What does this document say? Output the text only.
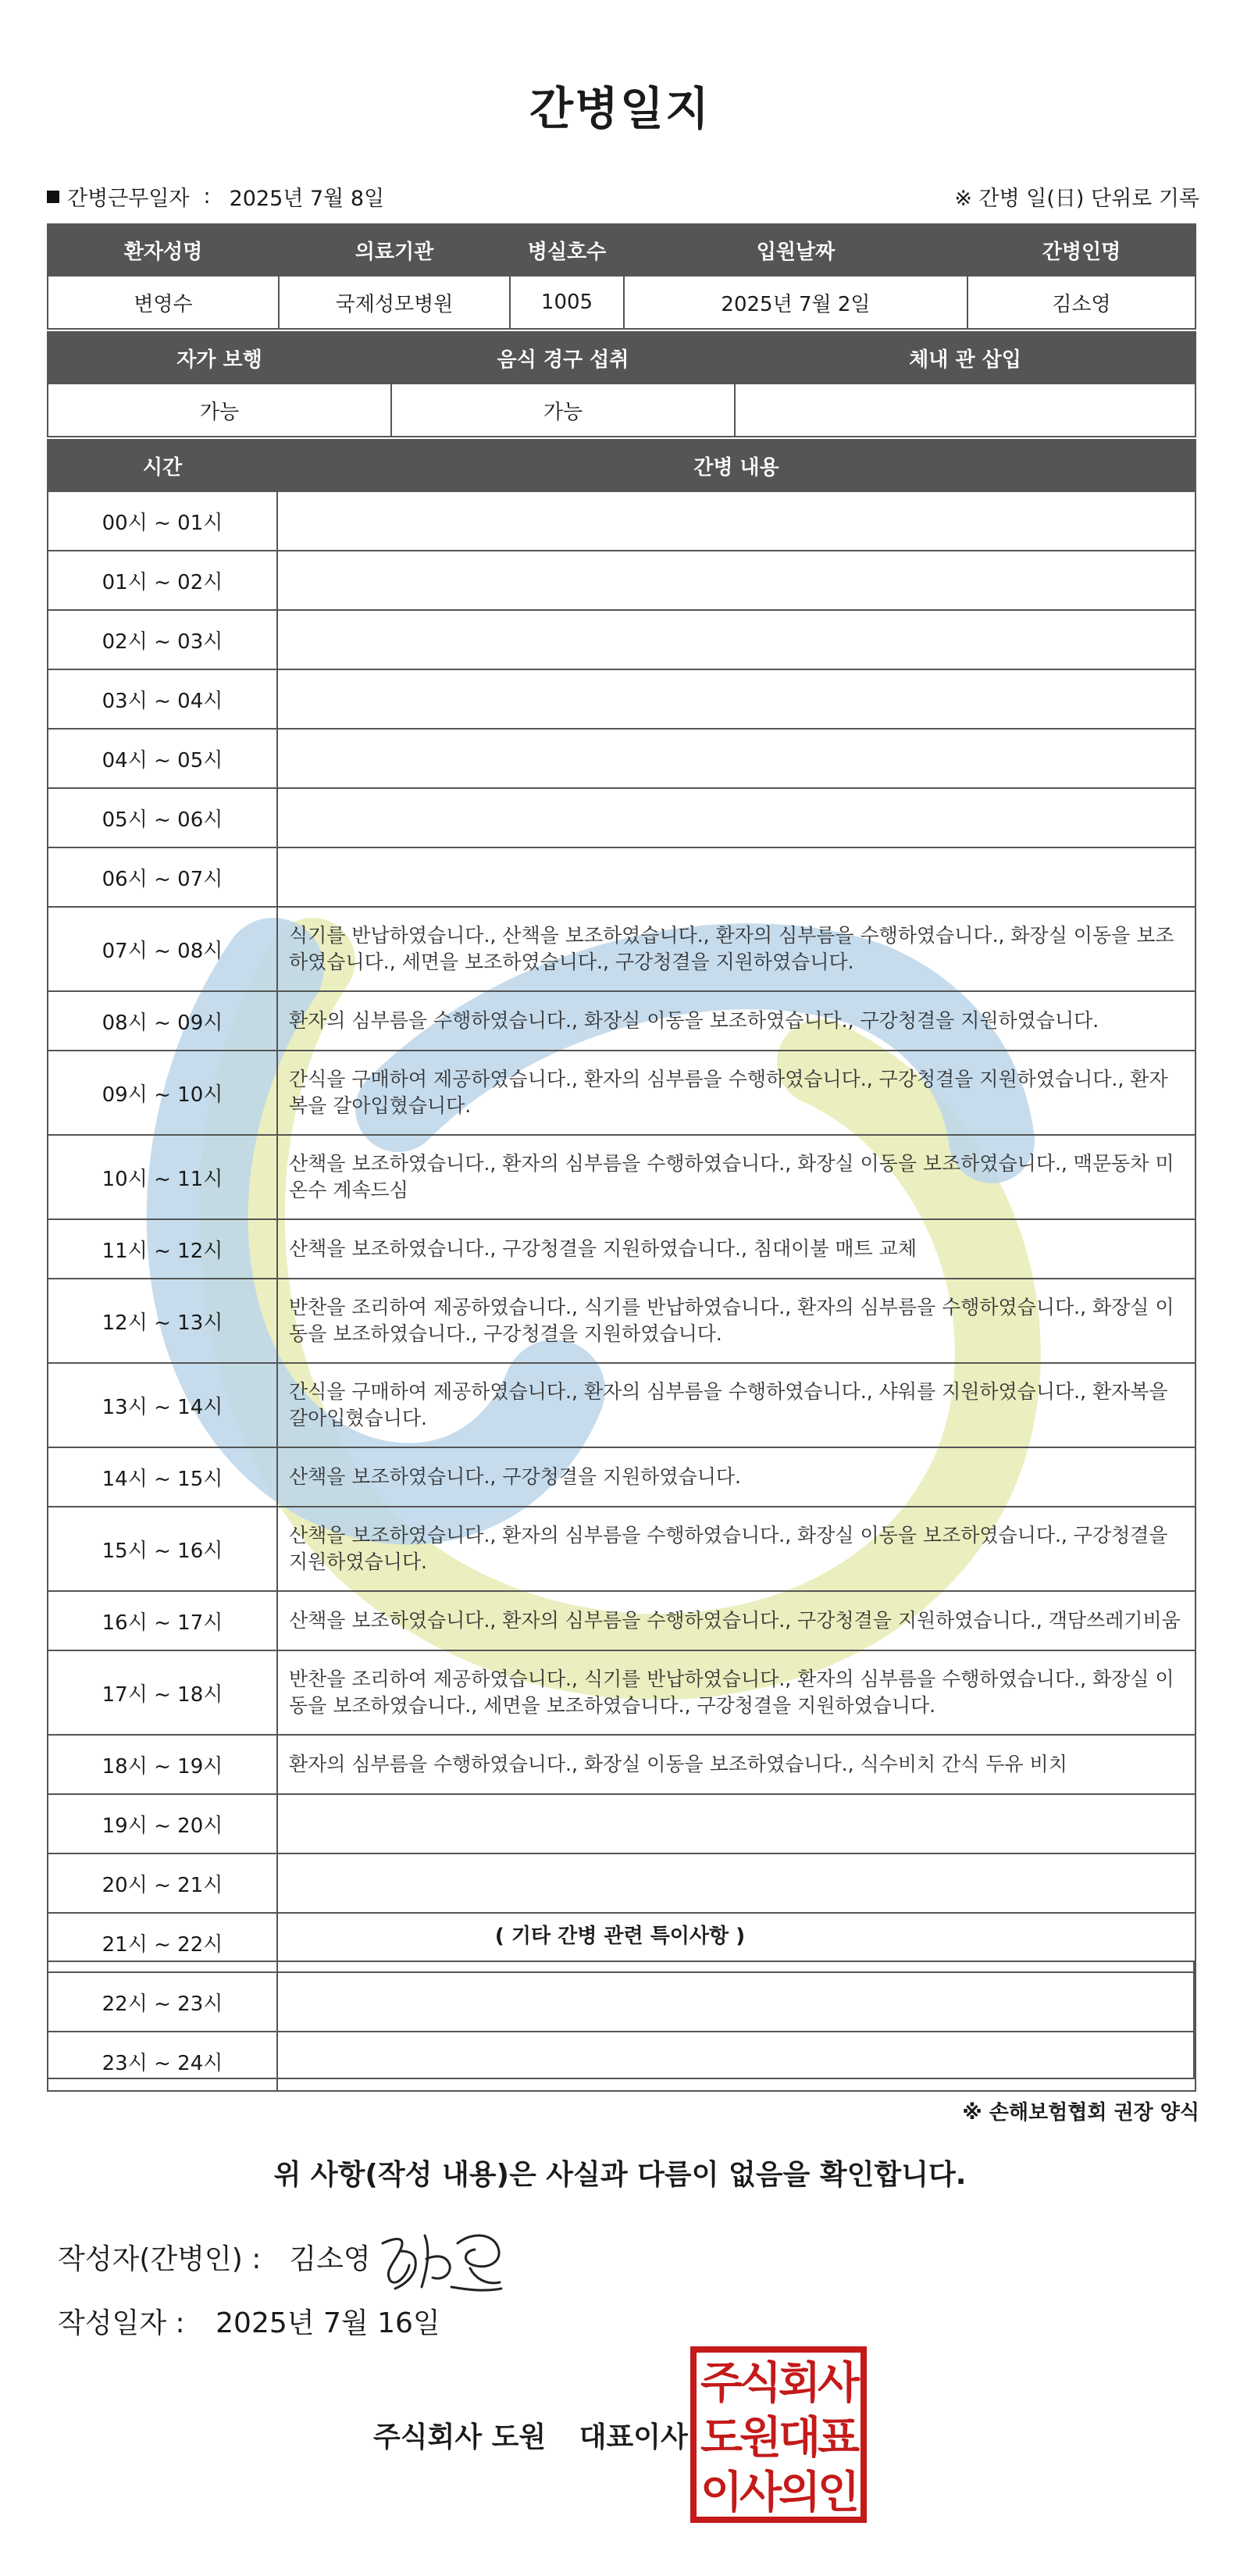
간병일지
간병근무일자 : 2025년 7월 8일	※ 간병 일(日) 단위로 기록
환자성명	의료기관	병실호수	입원날짜	간병인명
변영수	국제성모병원	1005	2025년 7월 2일	김소영
자가 보행	음식 경구 섭취	체내 관 삽입
가능	가능	
시간	간병 내용
00시 ~ 01시	
01시 ~ 02시	
02시 ~ 03시	
03시 ~ 04시	
04시 ~ 05시	
05시 ~ 06시	
06시 ~ 07시	
07시 ~ 08시	식기를 반납하였습니다., 산책을 보조하였습니다., 환자의 심부름을 수행하였습니다., 화장실 이동을 보조하였습니다., 세면을 보조하였습니다., 구강청결을 지원하였습니다.
08시 ~ 09시	환자의 심부름을 수행하였습니다., 화장실 이동을 보조하였습니다., 구강청결을 지원하였습니다.
09시 ~ 10시	간식을 구매하여 제공하였습니다., 환자의 심부름을 수행하였습니다., 구강청결을 지원하였습니다., 환자복을 갈아입혔습니다.
10시 ~ 11시	산책을 보조하였습니다., 환자의 심부름을 수행하였습니다., 화장실 이동을 보조하였습니다., 맥문동차 미온수 계속드심
11시 ~ 12시	산책을 보조하였습니다., 구강청결을 지원하였습니다., 침대이불 매트 교체
12시 ~ 13시	반찬을 조리하여 제공하였습니다., 식기를 반납하였습니다., 환자의 심부름을 수행하였습니다., 화장실 이동을 보조하였습니다., 구강청결을 지원하였습니다.
13시 ~ 14시	간식을 구매하여 제공하였습니다., 환자의 심부름을 수행하였습니다., 샤워를 지원하였습니다., 환자복을 갈아입혔습니다.
14시 ~ 15시	산책을 보조하였습니다., 구강청결을 지원하였습니다.
15시 ~ 16시	산책을 보조하였습니다., 환자의 심부름을 수행하였습니다., 화장실 이동을 보조하였습니다., 구강청결을 지원하였습니다.
16시 ~ 17시	산책을 보조하였습니다., 환자의 심부름을 수행하였습니다., 구강청결을 지원하였습니다., 객담쓰레기비움
17시 ~ 18시	반찬을 조리하여 제공하였습니다., 식기를 반납하였습니다., 환자의 심부름을 수행하였습니다., 화장실 이동을 보조하였습니다., 세면을 보조하였습니다., 구강청결을 지원하였습니다.
18시 ~ 19시	환자의 심부름을 수행하였습니다., 화장실 이동을 보조하였습니다., 식수비치 간식 두유 비치
19시 ~ 20시	
20시 ~ 21시	
21시 ~ 22시	
22시 ~ 23시	
23시 ~ 24시	
( 기타 간병 관련 특이사항 )
※ 손해보험협회 권장 양식
위 사항(작성 내용)은 사실과 다름이 없음을 확인합니다.
작성자(간병인) : 김소영
작성일자 : 2025년 7월 16일
주식회사 도원 대표이사
주
식
회
사
도
원
대
표
이
사
의
인
